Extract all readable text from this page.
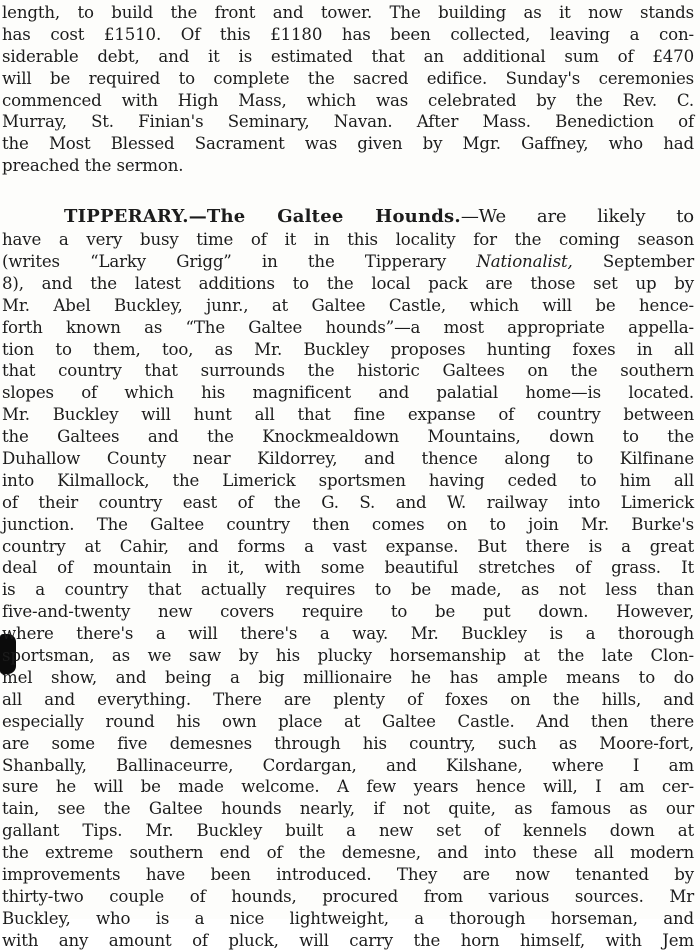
length, to build the front and tower. The building as it now stands
has cost £1510. Of this £1180 has been collected, leaving a con-
siderable debt, and it is estimated that an additional sum of £470
will be required to complete the sacred edifice. Sunday's ceremonies
commenced with High Mass, which was celebrated by the Rev. C.
Murray, St. Finian's Seminary, Navan. After Mass. Benediction of
the Most Blessed Sacrament was given by Mgr. Gaffney, who had
preached the sermon.
TIPPERARY.—The Galtee Hounds.—We are likely to
have a very busy time of it in this locality for the coming season
(writes “Larky Grigg” in the Tipperary Nationalist, September
8), and the latest additions to the local pack are those set up by
Mr. Abel Buckley, junr., at Galtee Castle, which will be hence-
forth known as “The Galtee hounds”—a most appropriate appella-
tion to them, too, as Mr. Buckley proposes hunting foxes in all
that country that surrounds the historic Galtees on the southern
slopes of which his magnificent and palatial home—is located.
Mr. Buckley will hunt all that fine expanse of country between
the Galtees and the Knockmealdown Mountains, down to the
Duhallow County near Kildorrey, and thence along to Kilfinane
into Kilmallock, the Limerick sportsmen having ceded to him all
of their country east of the G. S. and W. railway into Limerick
junction. The Galtee country then comes on to join Mr. Burke's
country at Cahir, and forms a vast expanse. But there is a great
deal of mountain in it, with some beautiful stretches of grass. It
is a country that actually requires to be made, as not less than
five-and-twenty new covers require to be put down. However,
where there's a will there's a way. Mr. Buckley is a thorough
sportsman, as we saw by his plucky horsemanship at the late Clon-
mel show, and being a big millionaire he has ample means to do
all and everything. There are plenty of foxes on the hills, and
especially round his own place at Galtee Castle. And then there
are some five demesnes through his country, such as Moore-fort,
Shanbally, Ballinaceurre, Cordargan, and Kilshane, where I am
sure he will be made welcome. A few years hence will, I am cer-
tain, see the Galtee hounds nearly, if not quite, as famous as our
gallant Tips. Mr. Buckley built a new set of kennels down at
the extreme southern end of the demesne, and into these all modern
improvements have been introduced. They are now tenanted by
thirty-two couple of hounds, procured from various sources. Mr
Buckley, who is a nice lightweight, a thorough horseman, and
with any amount of pluck, will carry the horn himself, with Jem
